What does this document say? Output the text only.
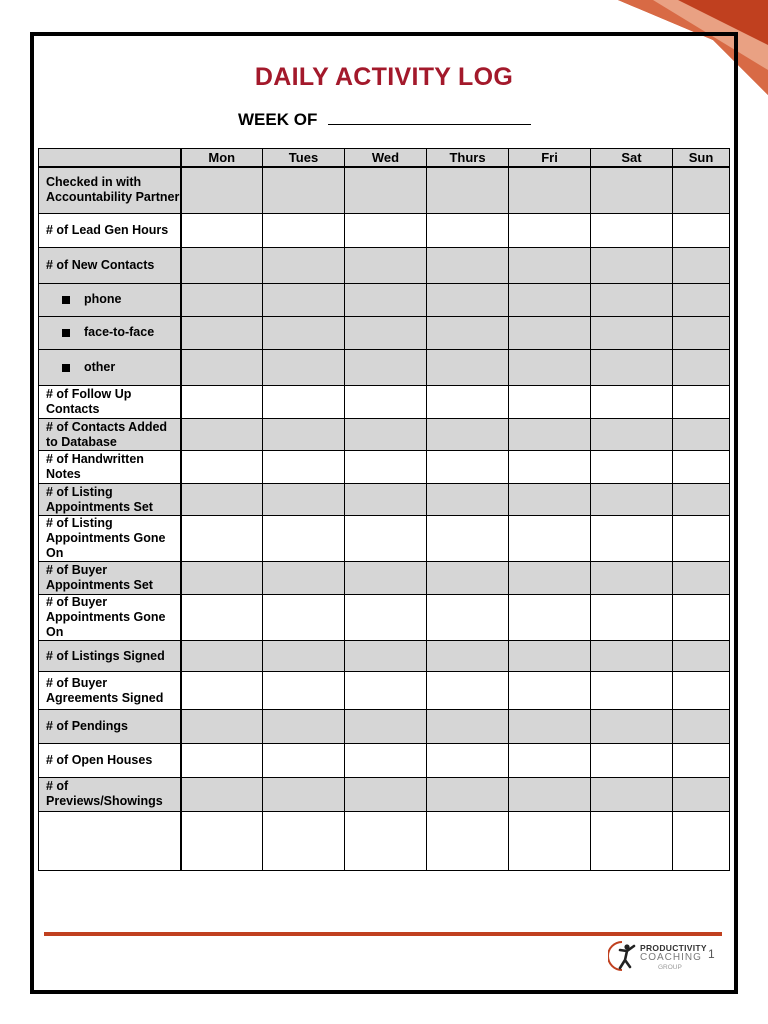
DAILY ACTIVITY LOG
WEEK OF
	Mon	Tues	Wed	Thurs	Fri	Sat	Sun
Checked in with Accountability Partner							
# of Lead Gen Hours							
# of New Contacts							
phone							
face-to-face							
other							
# of Follow Up Contacts							
# of Contacts Added to Database							
# of Handwritten Notes							
# of Listing Appointments Set							
# of Listing Appointments Gone On							
# of Buyer Appointments Set							
# of Buyer Appointments Gone On							
# of Listings Signed							
# of Buyer Agreements Signed							
# of Pendings							
# of Open Houses							
# of Previews/Showings							

PRODUCTIVITY
COACHING
GROUP
1
